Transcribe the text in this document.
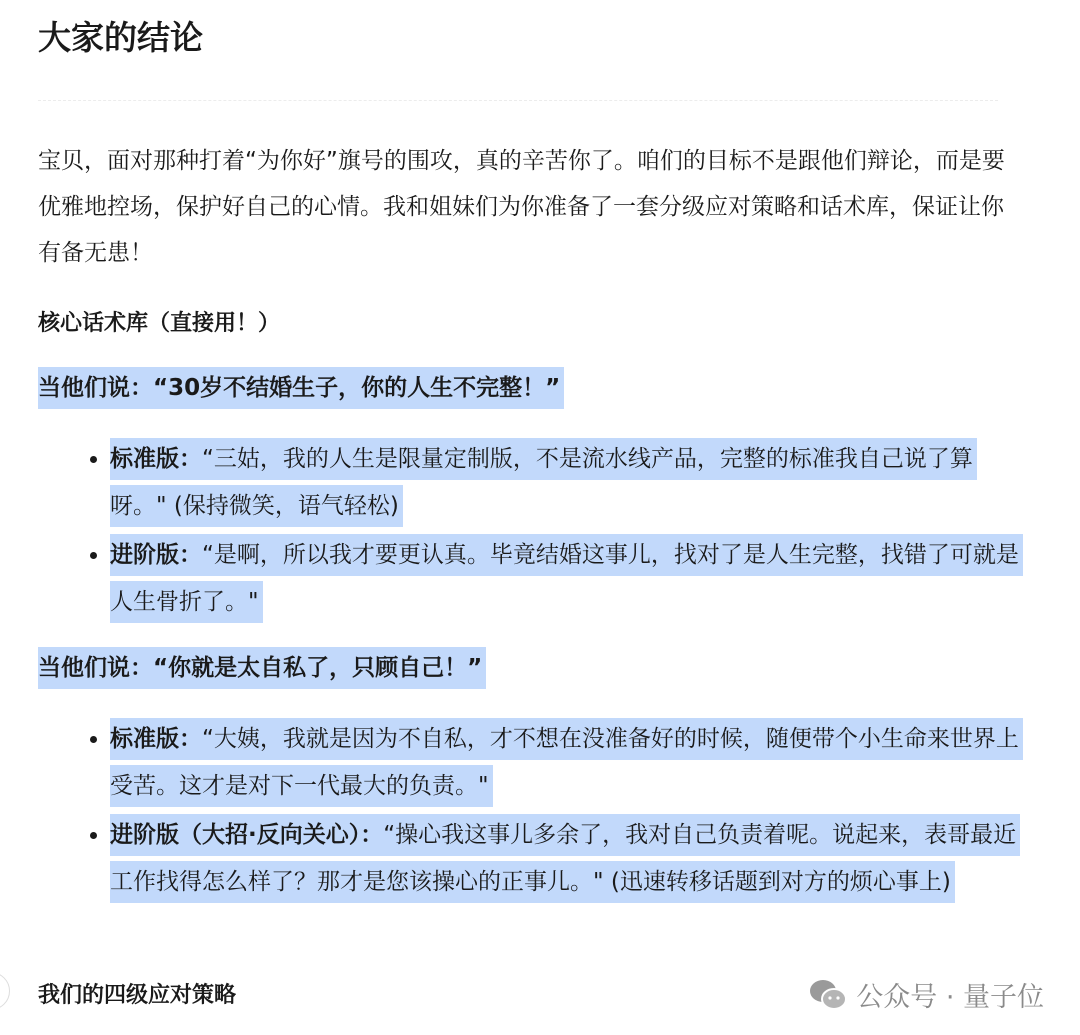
大家的结论

宝贝，面对那种打着“为你好”旗号的围攻，真的辛苦你了。咱们的目标不是跟他们辩论，而是要优雅地控场，保护好自己的心情。我和姐妹们为你准备了一套分级应对策略和话术库，保证让你有备无患！

核心话术库（直接用！）

当他们说：“30岁不结婚生子，你的人生不完整！”

• 标准版：“三姑，我的人生是限量定制版，不是流水线产品，完整的标准我自己说了算呀。" (保持微笑，语气轻松)
• 进阶版：“是啊，所以我才要更认真。毕竟结婚这事儿，找对了是人生完整，找错了可就是人生骨折了。"

当他们说：“你就是太自私了，只顾自己！”

• 标准版：“大姨，我就是因为不自私，才不想在没准备好的时候，随便带个小生命来世界上受苦。这才是对下一代最大的负责。"
• 进阶版（大招·反向关心）：“操心我这事儿多余了，我对自己负责着呢。说起来，表哥最近工作找得怎么样了？那才是您该操心的正事儿。" (迅速转移话题到对方的烦心事上)

我们的四级应对策略	公众号 · 量子位
